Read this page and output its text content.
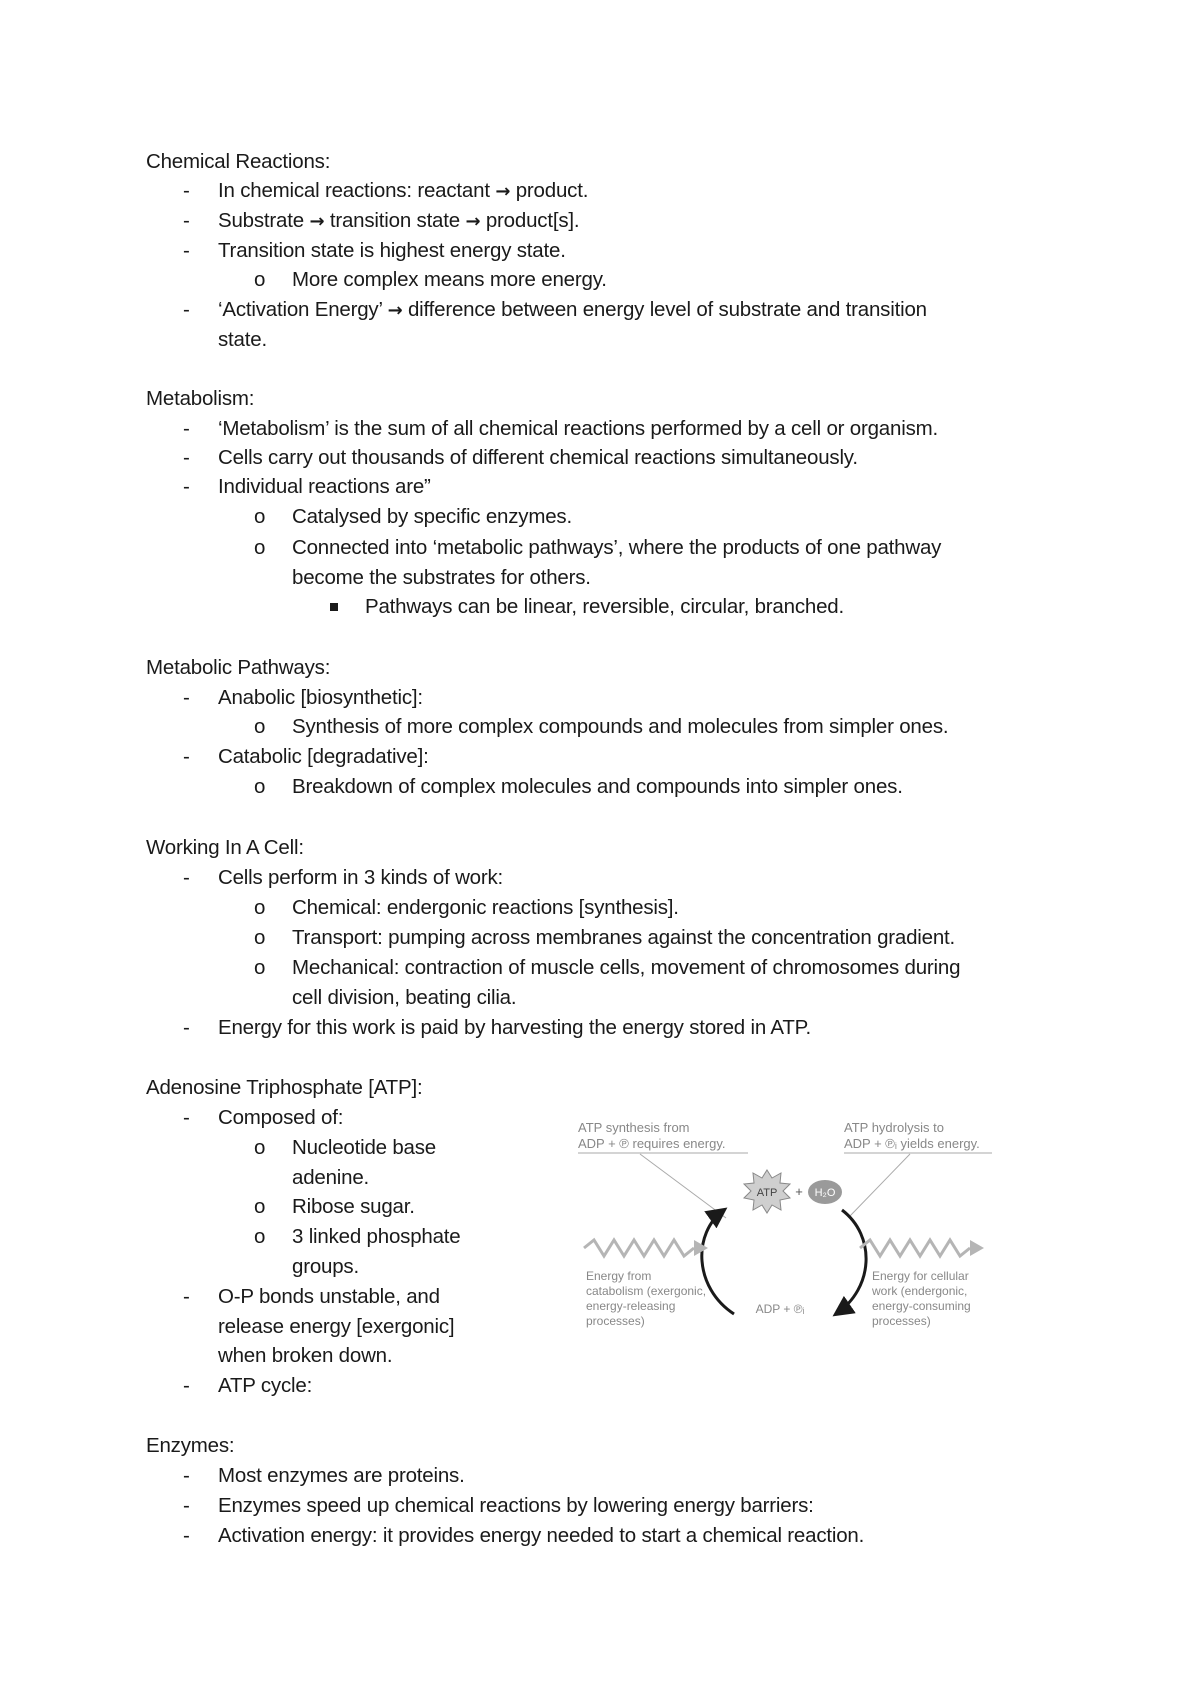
Chemical Reactions:
-	In chemical reactions: reactant → product.
-	Substrate → transition state → product[s].
-	Transition state is highest energy state.
o More complex means more energy.
-	‘Activation Energy’ → difference between energy level of substrate and transition
state.
Metabolism:
-	‘Metabolism’ is the sum of all chemical reactions performed by a cell or organism.
-	Cells carry out thousands of different chemical reactions simultaneously.
-	Individual reactions are”
o Catalysed by specific enzymes.
o Connected into ‘metabolic pathways’, where the products of one pathway
become the substrates for others.
Pathways can be linear, reversible, circular, branched.
Metabolic Pathways:
-	Anabolic [biosynthetic]:
o Synthesis of more complex compounds and molecules from simpler ones.
-	Catabolic [degradative]:
o Breakdown of complex molecules and compounds into simpler ones.
Working In A Cell:
-	Cells perform in 3 kinds of work:
o Chemical: endergonic reactions [synthesis].
o Transport: pumping across membranes against the concentration gradient.
o Mechanical: contraction of muscle cells, movement of chromosomes during
cell division, beating cilia.
-	Energy for this work is paid by harvesting the energy stored in ATP.
Adenosine Triphosphate [ATP]:
-	Composed of:
o Nucleotide base
adenine.
o Ribose sugar.
o 3 linked phosphate
groups.
-	O-P bonds unstable, and
release energy [exergonic]
when broken down.
-	ATP cycle:
ATP synthesis from
ADP + ℗ requires energy.
ATP hydrolysis to
ADP + ℗ᵢ yields energy.
ATP + H₂O
Energy from
catabolism (exergonic,
energy-releasing
processes)
ADP + ℗ᵢ
Energy for cellular
work (endergonic,
energy-consuming
processes)
Enzymes:
-	Most enzymes are proteins.
-	Enzymes speed up chemical reactions by lowering energy barriers:
-	Activation energy: it provides energy needed to start a chemical reaction.
